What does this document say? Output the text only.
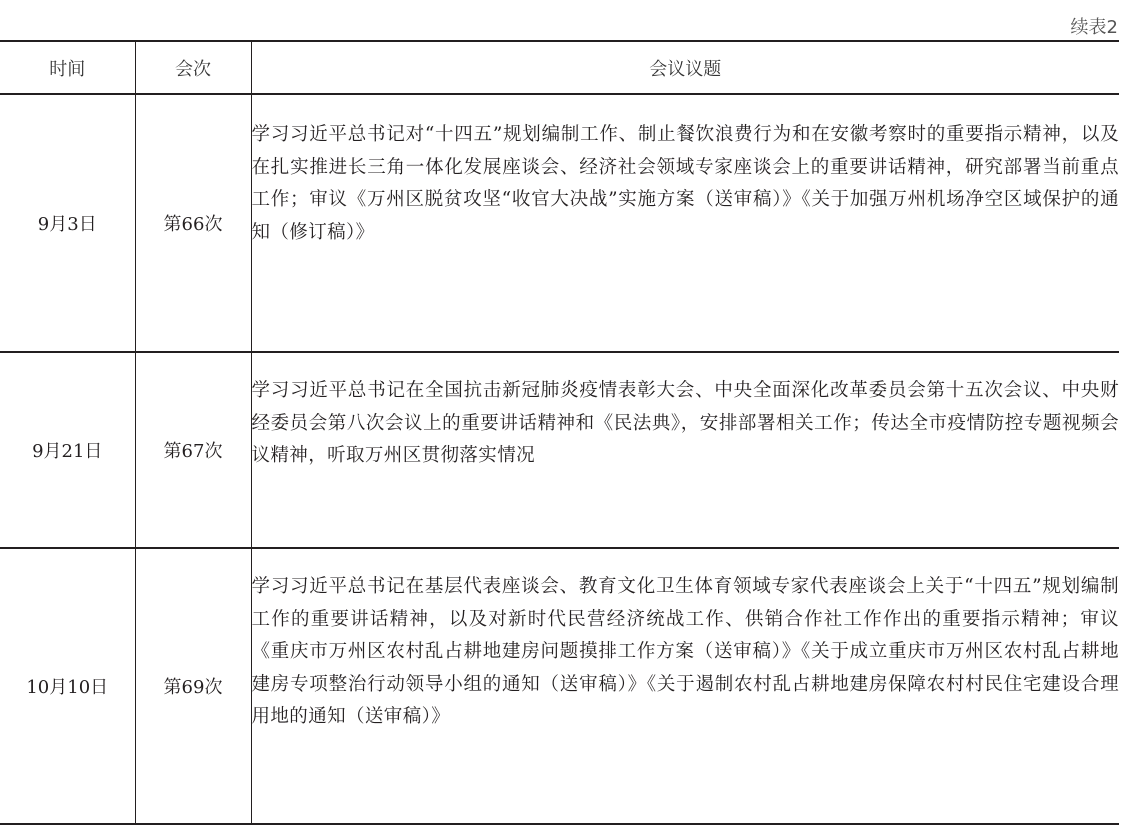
续表2
时间	会次	会议议题
9月3日	第66次	学习习近平总书记对“十四五”规划编制工作、制止餐饮浪费行为和在安徽考察时的重要指示精神，以及在扎实推进长三角一体化发展座谈会、经济社会领域专家座谈会上的重要讲话精神，研究部署当前重点工作；审议《万州区脱贫攻坚“收官大决战”实施方案（送审稿）》《关于加强万州机场净空区域保护的通知（修订稿）》
9月21日	第67次	学习习近平总书记在全国抗击新冠肺炎疫情表彰大会、中央全面深化改革委员会第十五次会议、中央财经委员会第八次会议上的重要讲话精神和《民法典》，安排部署相关工作；传达全市疫情防控专题视频会议精神，听取万州区贯彻落实情况
10月10日	第69次	学习习近平总书记在基层代表座谈会、教育文化卫生体育领域专家代表座谈会上关于“十四五”规划编制工作的重要讲话精神，以及对新时代民营经济统战工作、供销合作社工作作出的重要指示精神；审议《重庆市万州区农村乱占耕地建房问题摸排工作方案（送审稿）》《关于成立重庆市万州区农村乱占耕地建房专项整治行动领导小组的通知（送审稿）》《关于遏制农村乱占耕地建房保障农村村民住宅建设合理用地的通知（送审稿）》
